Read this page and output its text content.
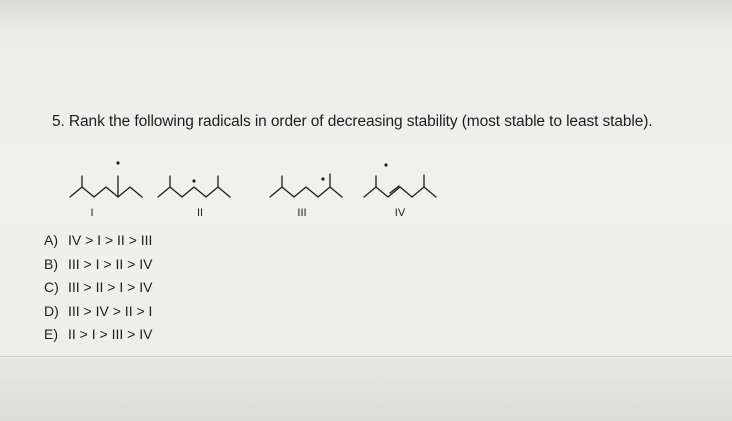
5. Rank the following radicals in order of decreasing stability (most stable to least stable).
I	II	III	IV
A) IV > I > II > III
B) III > I > II > IV
C) III > II > I > IV
D) III > IV > II > I
E) II > I > III > IV
